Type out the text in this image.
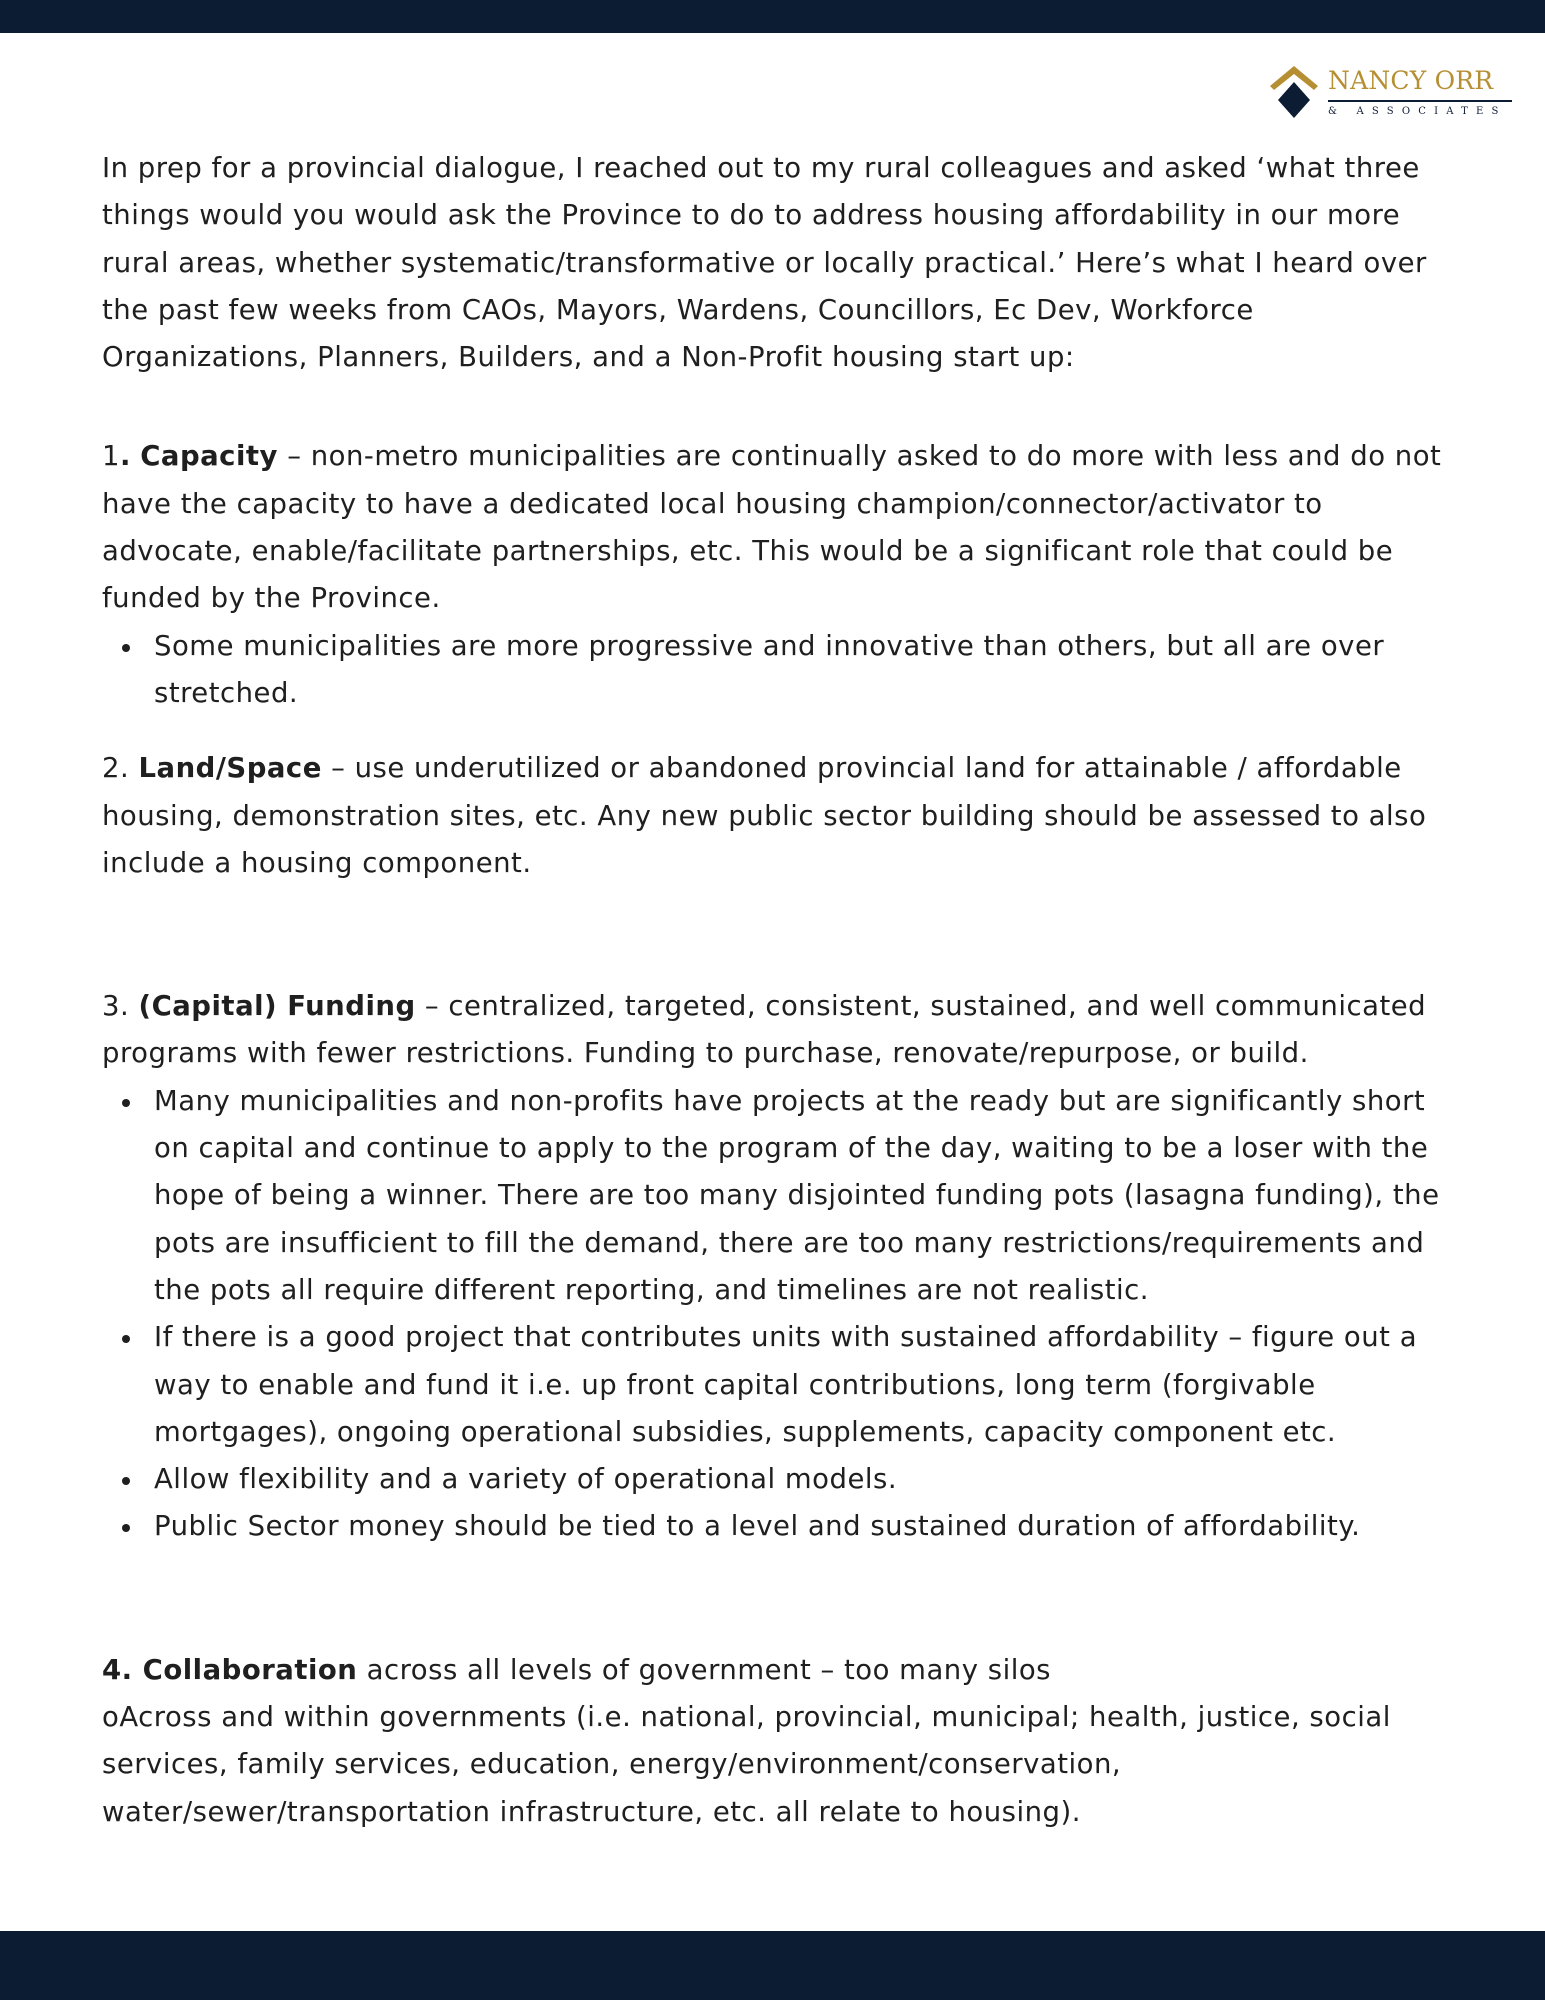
NANCY ORR
& ASSOCIATES

In prep for a provincial dialogue, I reached out to my rural colleagues and asked ‘what three things would you would ask the Province to do to address housing affordability in our more rural areas, whether systematic/transformative or locally practical.’ Here’s what I heard over the past few weeks from CAOs, Mayors, Wardens, Councillors, Ec Dev, Workforce Organizations, Planners, Builders, and a Non-Profit housing start up:

1. Capacity – non-metro municipalities are continually asked to do more with less and do not have the capacity to have a dedicated local housing champion/connector/activator to advocate, enable/facilitate partnerships, etc. This would be a significant role that could be funded by the Province.

Some municipalities are more progressive and innovative than others, but all are over stretched.

2. Land/Space – use underutilized or abandoned provincial land for attainable / affordable housing, demonstration sites, etc. Any new public sector building should be assessed to also include a housing component.

3. (Capital) Funding – centralized, targeted, consistent, sustained, and well communicated programs with fewer restrictions. Funding to purchase, renovate/repurpose, or build.

Many municipalities and non-profits have projects at the ready but are significantly short on capital and continue to apply to the program of the day, waiting to be a loser with the hope of being a winner. There are too many disjointed funding pots (lasagna funding), the pots are insufficient to fill the demand, there are too many restrictions/requirements and the pots all require different reporting, and timelines are not realistic.
If there is a good project that contributes units with sustained affordability – figure out a way to enable and fund it i.e. up front capital contributions, long term (forgivable mortgages), ongoing operational subsidies, supplements, capacity component etc.
Allow flexibility and a variety of operational models.
Public Sector money should be tied to a level and sustained duration of affordability.

4. Collaboration across all levels of government – too many silos

oAcross and within governments (i.e. national, provincial, municipal; health, justice, social services, family services, education, energy/environment/conservation, water/sewer/transportation infrastructure, etc. all relate to housing).
